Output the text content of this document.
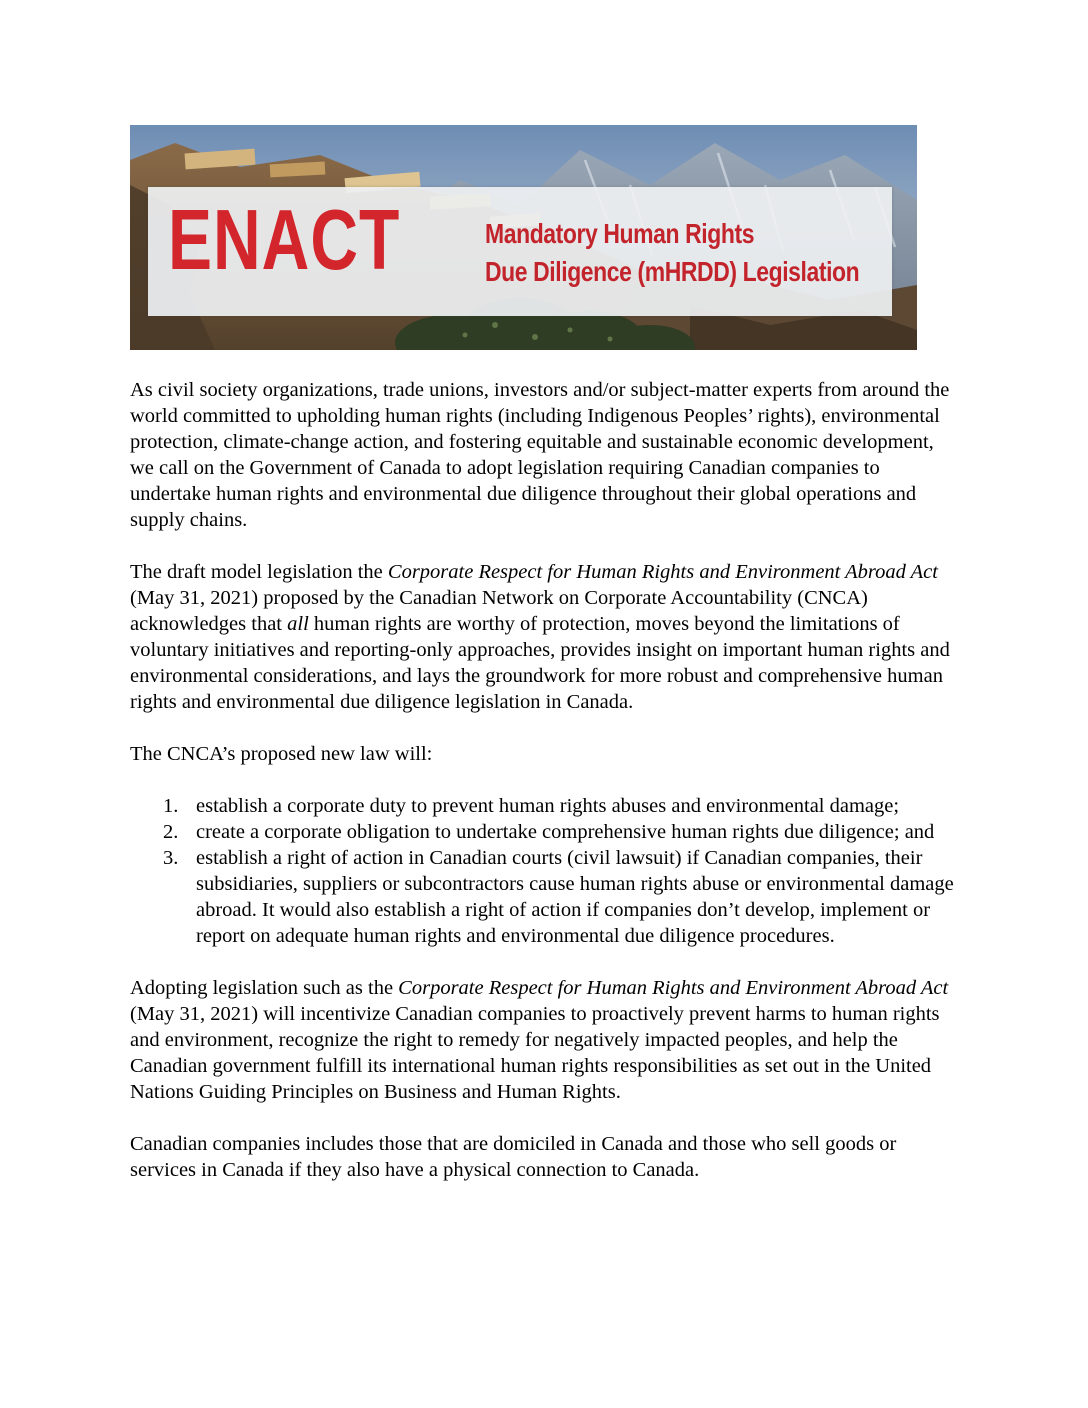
ENACT	Mandatory Human Rights
Due Diligence (mHRDD) Legislation

As civil society organizations, trade unions, investors and/or subject-matter experts from around the world committed to upholding human rights (including Indigenous Peoples’ rights), environmental protection, climate-change action, and fostering equitable and sustainable economic development, we call on the Government of Canada to adopt legislation requiring Canadian companies to undertake human rights and environmental due diligence throughout their global operations and supply chains.

The draft model legislation the Corporate Respect for Human Rights and Environment Abroad Act (May 31, 2021) proposed by the Canadian Network on Corporate Accountability (CNCA) acknowledges that all human rights are worthy of protection, moves beyond the limitations of voluntary initiatives and reporting-only approaches, provides insight on important human rights and environmental considerations, and lays the groundwork for more robust and comprehensive human rights and environmental due diligence legislation in Canada.

The CNCA’s proposed new law will:

1. establish a corporate duty to prevent human rights abuses and environmental damage;
2. create a corporate obligation to undertake comprehensive human rights due diligence; and
3. establish a right of action in Canadian courts (civil lawsuit) if Canadian companies, their subsidiaries, suppliers or subcontractors cause human rights abuse or environmental damage abroad. It would also establish a right of action if companies don’t develop, implement or report on adequate human rights and environmental due diligence procedures.

Adopting legislation such as the Corporate Respect for Human Rights and Environment Abroad Act (May 31, 2021) will incentivize Canadian companies to proactively prevent harms to human rights and environment, recognize the right to remedy for negatively impacted peoples, and help the Canadian government fulfill its international human rights responsibilities as set out in the United Nations Guiding Principles on Business and Human Rights.

Canadian companies includes those that are domiciled in Canada and those who sell goods or services in Canada if they also have a physical connection to Canada.
